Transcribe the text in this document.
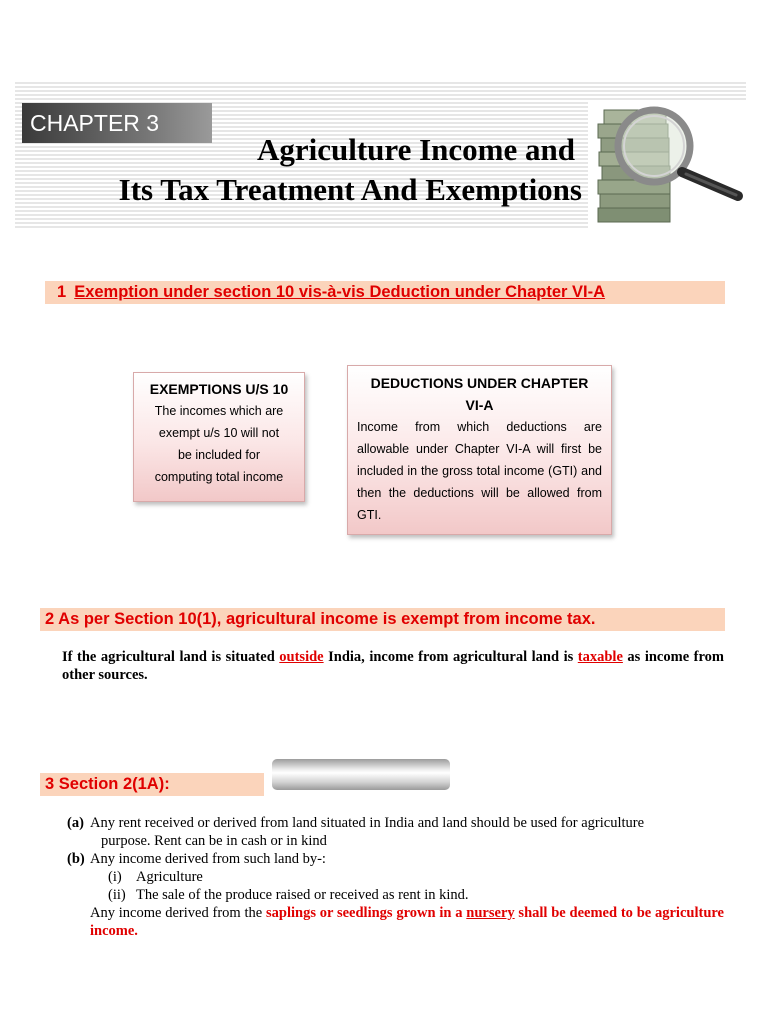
CHAPTER 3
Agriculture Income and
Its Tax Treatment And Exemptions
1 Exemption under section 10 vis-à-vis Deduction under Chapter VI-A
EXEMPTIONS U/S 10
The incomes which are
exempt u/s 10 will not
be included for
computing total income
DEDUCTIONS UNDER CHAPTER
VI-A
Income from which deductions are allowable under Chapter VI-A will first be included in the gross total income (GTI) and then the deductions will be allowed from GTI.
2 As per Section 10(1), agricultural income is exempt from income tax.
If the agricultural land is situated outside India, income from agricultural land is taxable as income from other sources.
3 Section 2(1A):
(a) Any rent received or derived from land situated in India and land should be used for agriculture
purpose. Rent can be in cash or in kind
(b) Any income derived from such land by-:
(i) Agriculture
(ii) The sale of the produce raised or received as rent in kind.
Any income derived from the saplings or seedlings grown in a nursery shall be deemed to be agriculture income.
